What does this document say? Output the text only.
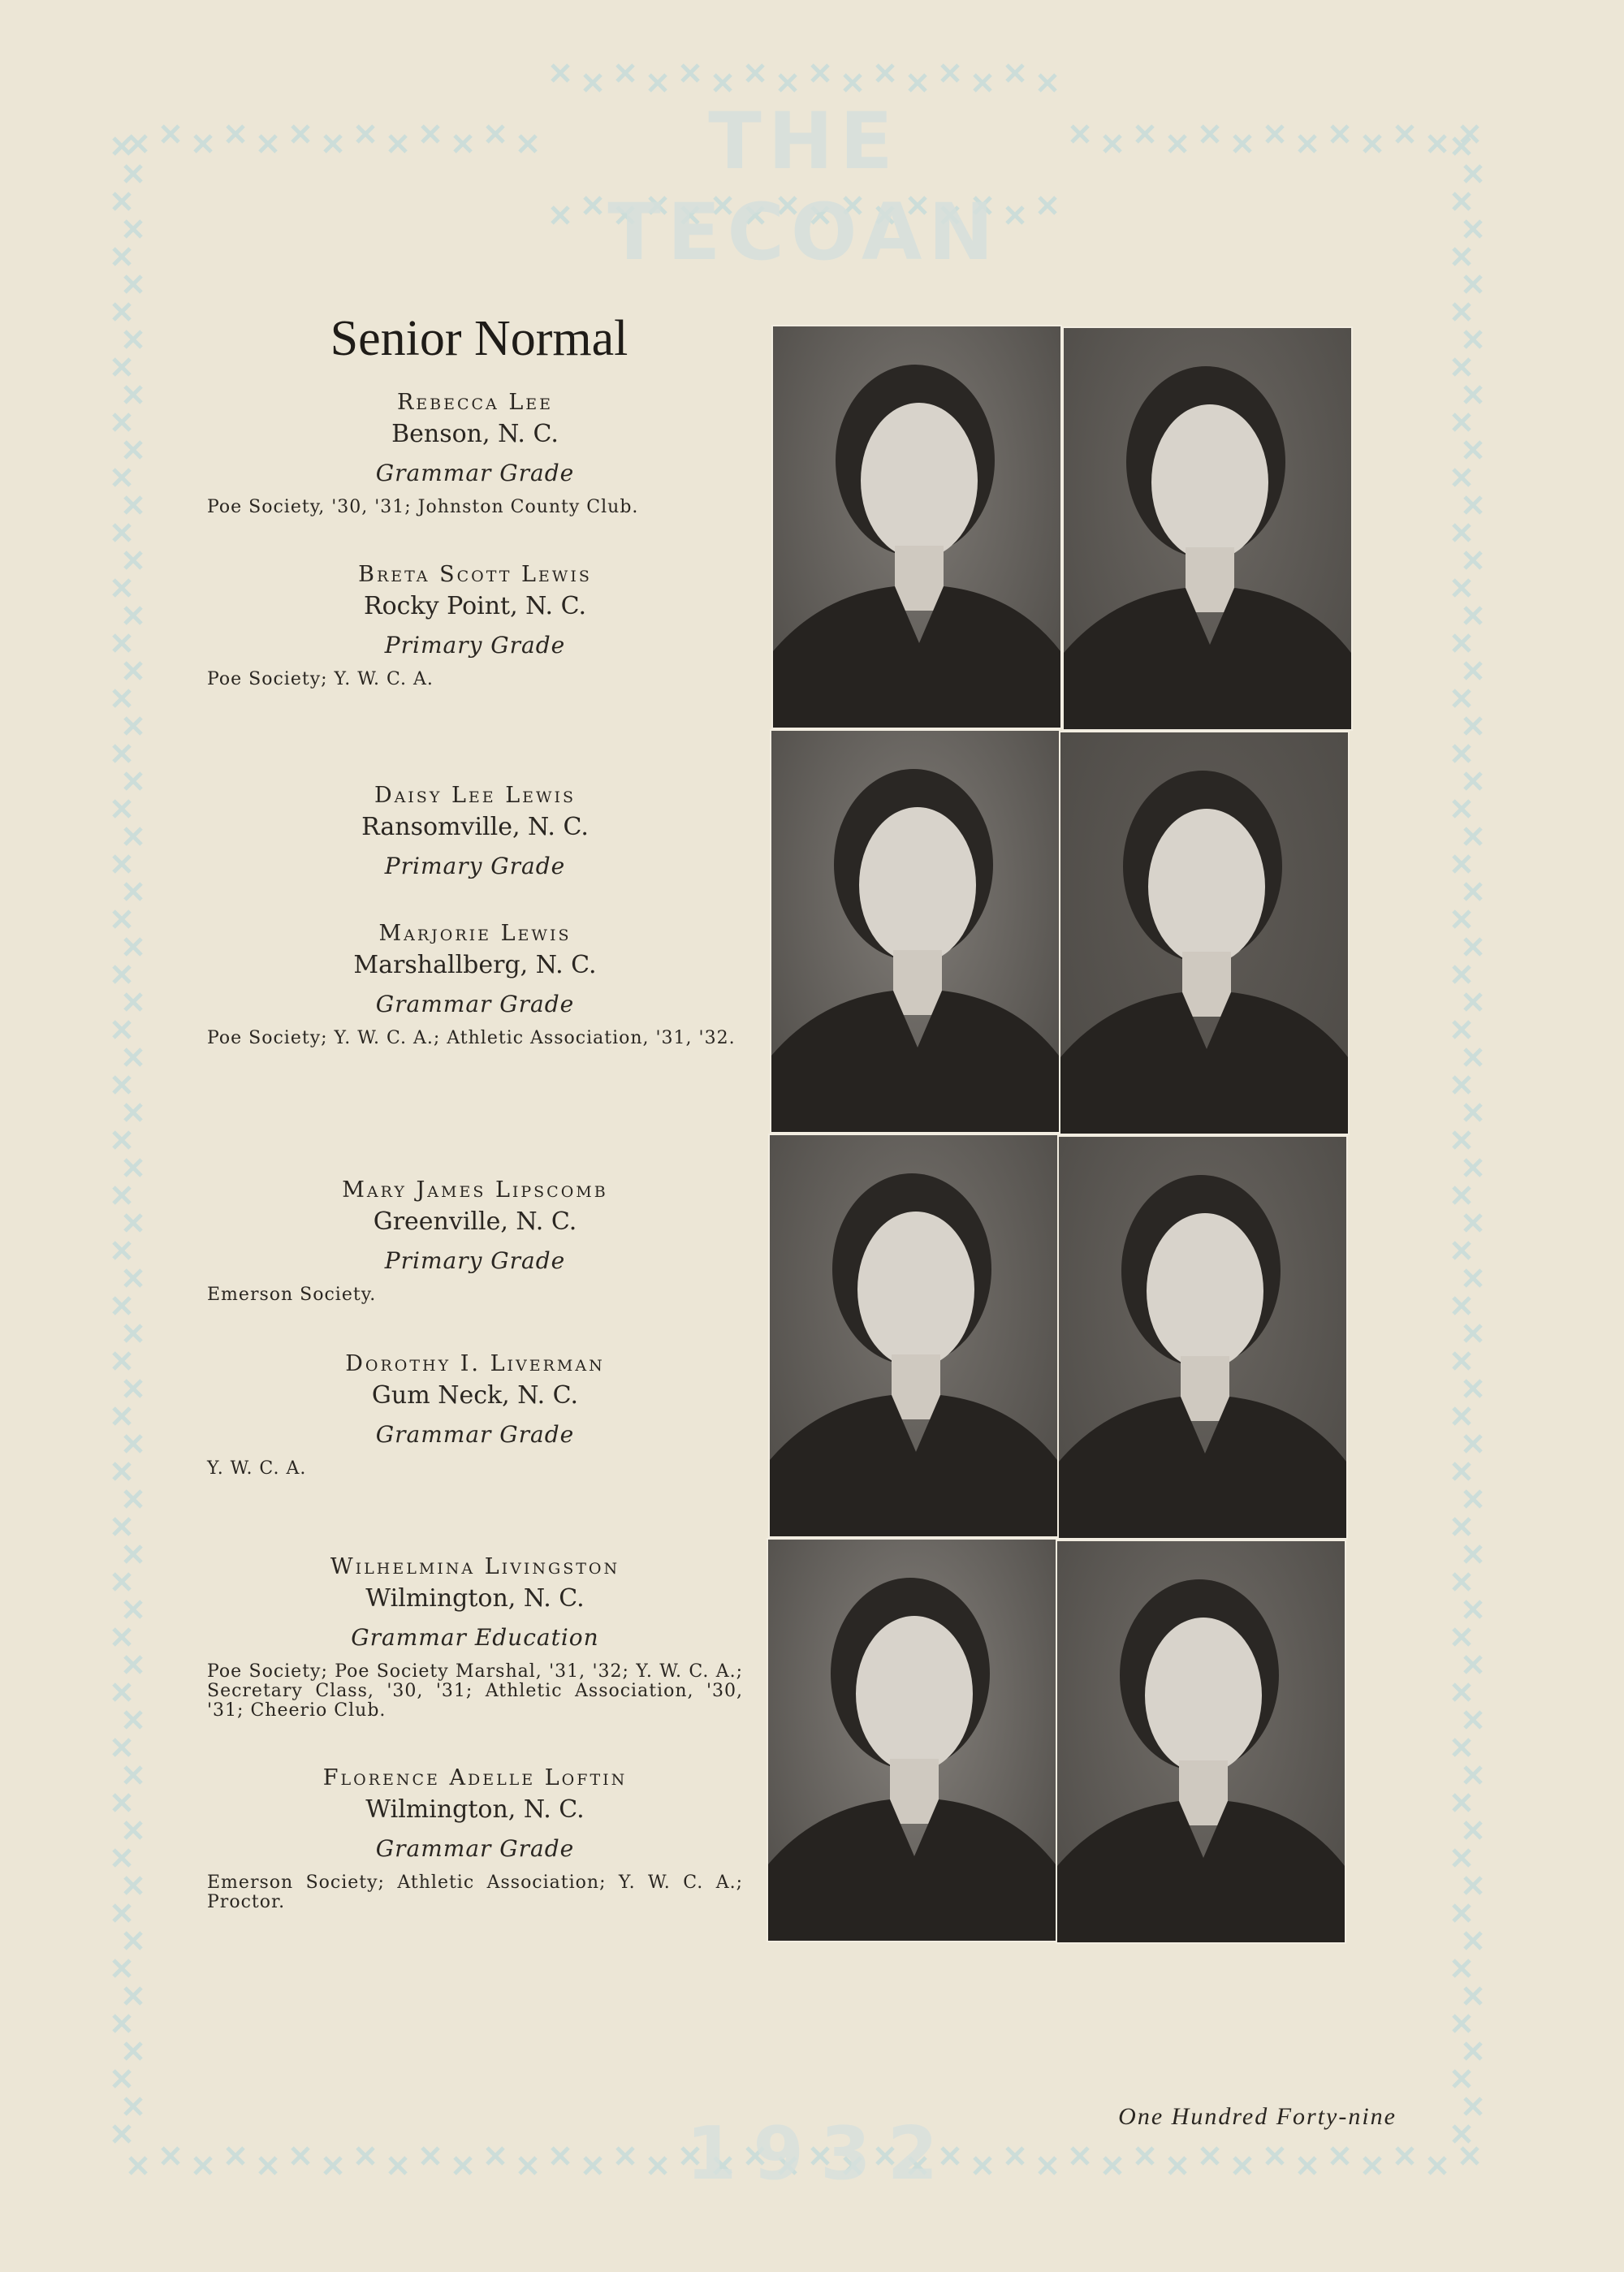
THE TECOAN
1932
Senior Normal
Rebecca Lee
Benson, N. C.
Grammar Grade
Poe Society, '30, '31; Johnston County Club.
Breta Scott Lewis
Rocky Point, N. C.
Primary Grade
Poe Society; Y. W. C. A.
Daisy Lee Lewis
Ransomville, N. C.
Primary Grade
Marjorie Lewis
Marshallberg, N. C.
Grammar Grade
Poe Society; Y. W. C. A.; Athletic Association, '31, '32.
Mary James Lipscomb
Greenville, N. C.
Primary Grade
Emerson Society.
Dorothy I. Liverman
Gum Neck, N. C.
Grammar Grade
Y. W. C. A.
Wilhelmina Livingston
Wilmington, N. C.
Grammar Education
Poe Society; Poe Society Marshal, '31, '32; Y. W. C. A.; Secretary Class, '30, '31; Athletic Association, '30, '31; Cheerio Club.
Florence Adelle Loftin
Wilmington, N. C.
Grammar Grade
Emerson Society; Athletic Association; Y. W. C. A.; Proctor.
One Hundred Forty-nine
